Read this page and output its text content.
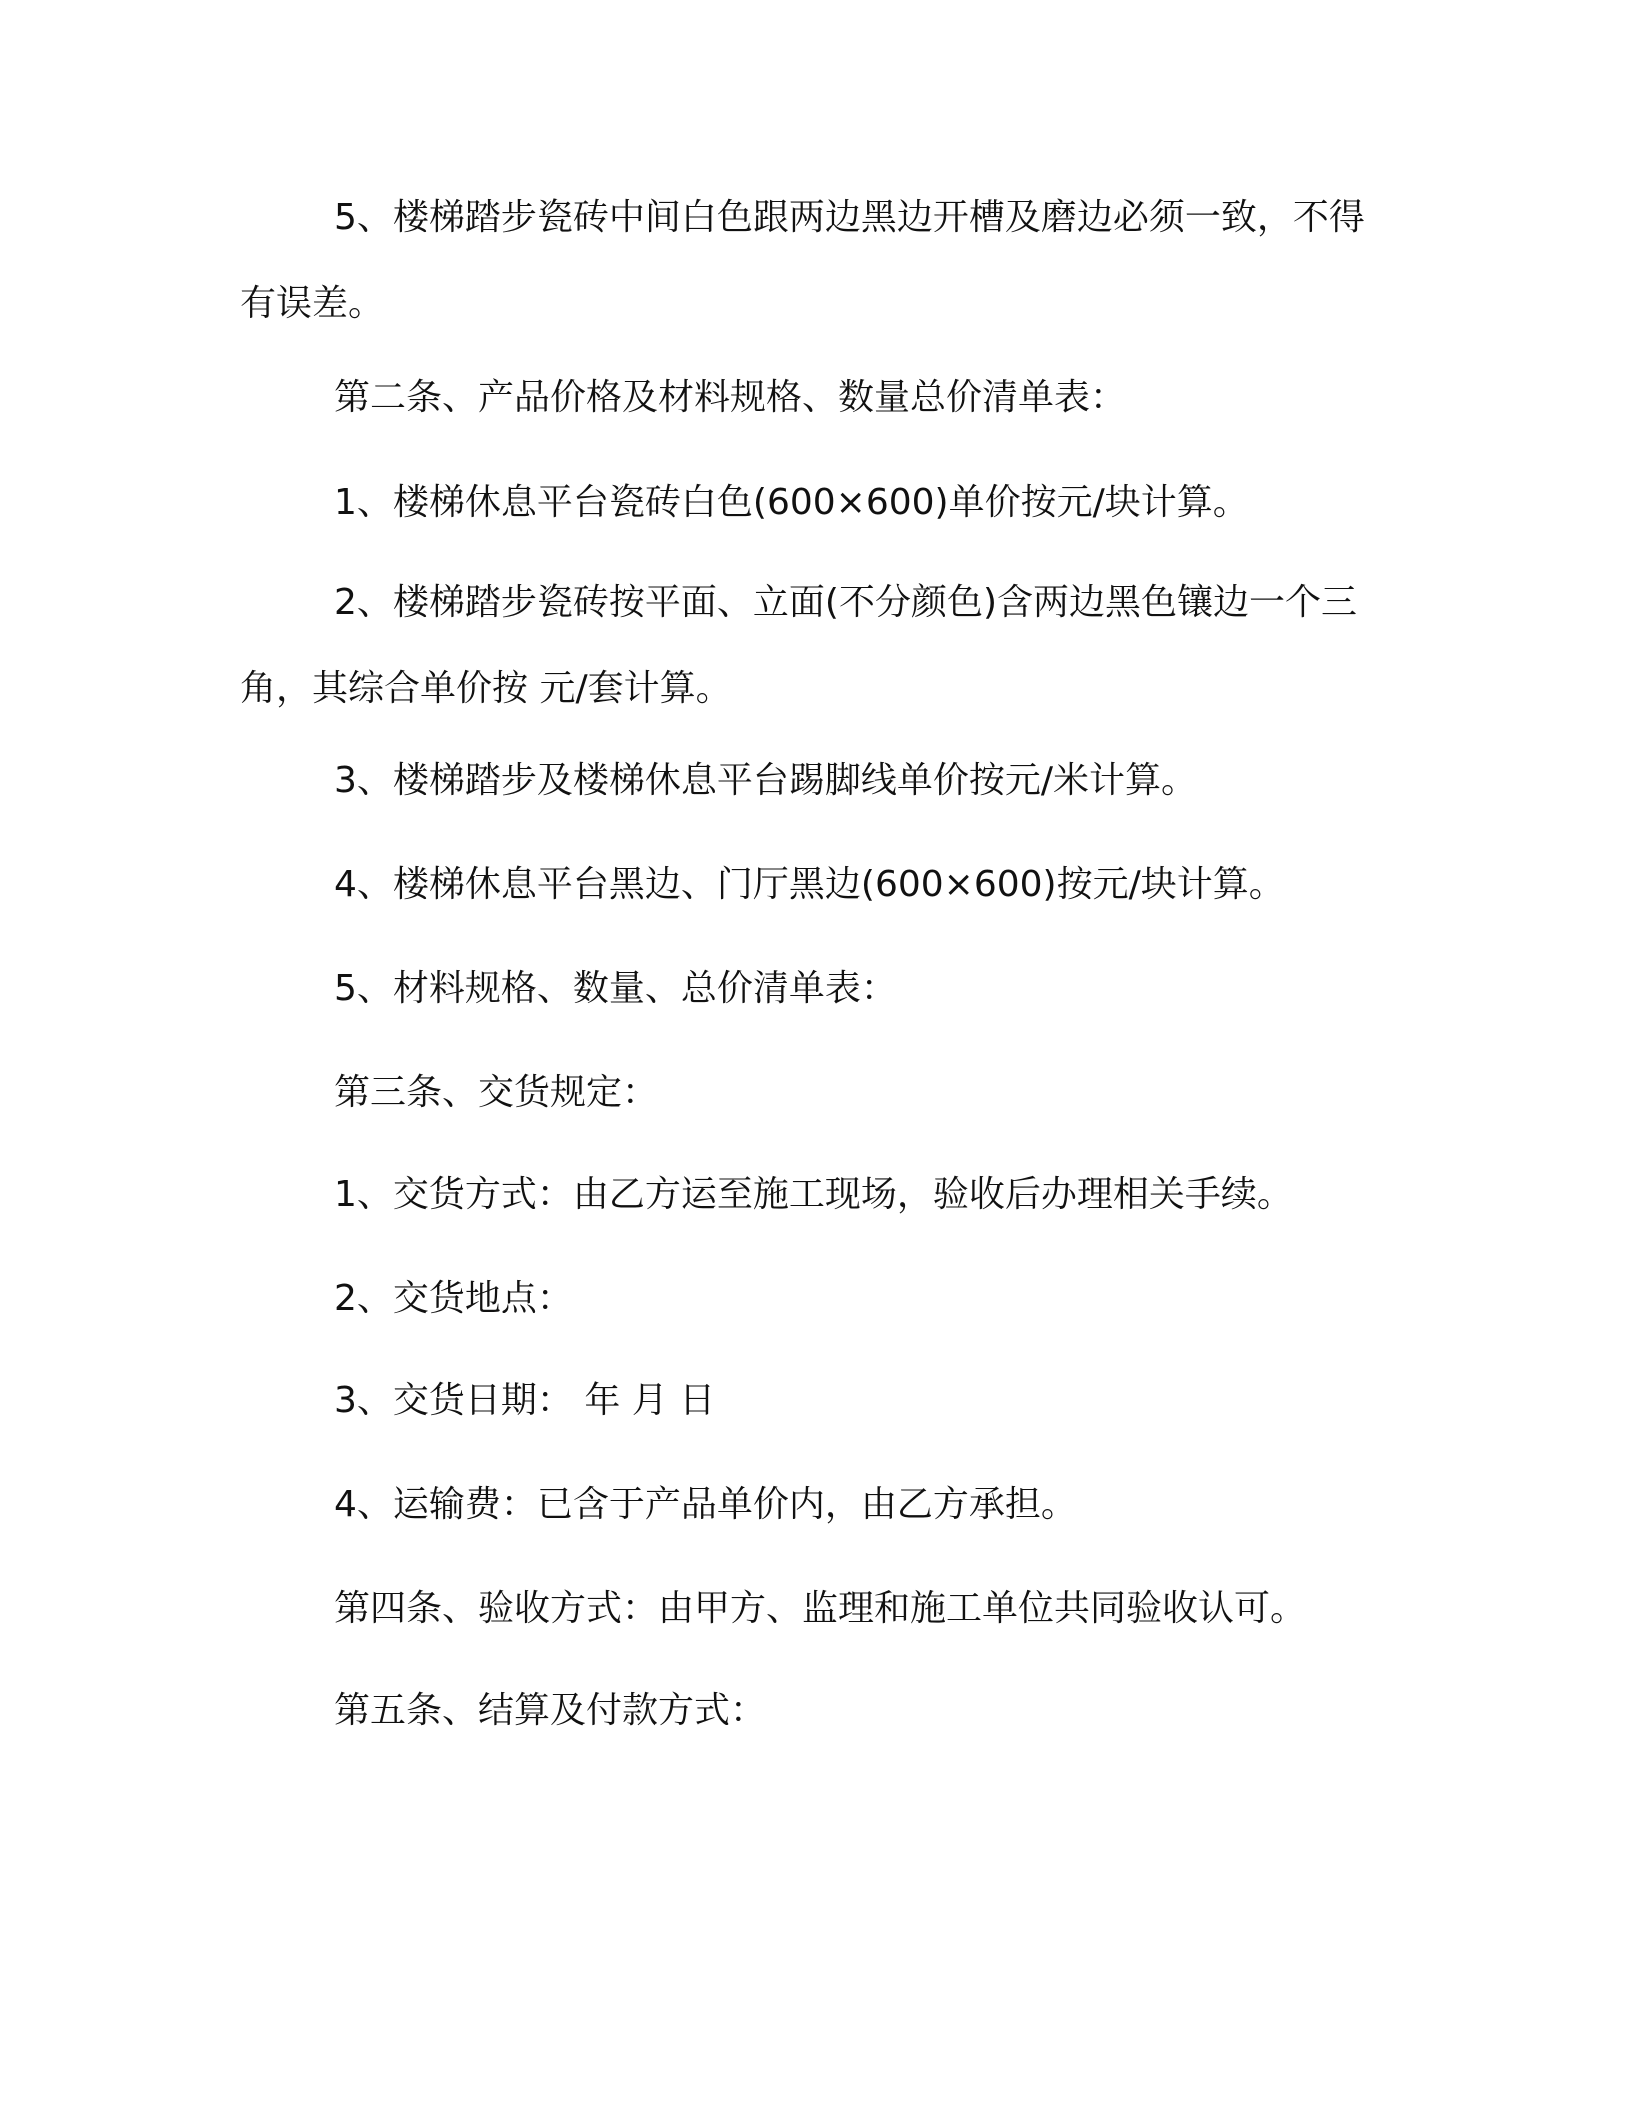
5、楼梯踏步瓷砖中间白色跟两边黑边开槽及磨边必须一致，不得有误差。

第二条、产品价格及材料规格、数量总价清单表：

1、楼梯休息平台瓷砖白色(600×600)单价按元/块计算。

2、楼梯踏步瓷砖按平面、立面(不分颜色)含两边黑色镶边一个三角，其综合单价按 元/套计算。

3、楼梯踏步及楼梯休息平台踢脚线单价按元/米计算。

4、楼梯休息平台黑边、门厅黑边(600×600)按元/块计算。

5、材料规格、数量、总价清单表：

第三条、交货规定：

1、交货方式：由乙方运至施工现场，验收后办理相关手续。

2、交货地点：

3、交货日期： 年 月 日

4、运输费：已含于产品单价内，由乙方承担。

第四条、验收方式：由甲方、监理和施工单位共同验收认可。

第五条、结算及付款方式：
